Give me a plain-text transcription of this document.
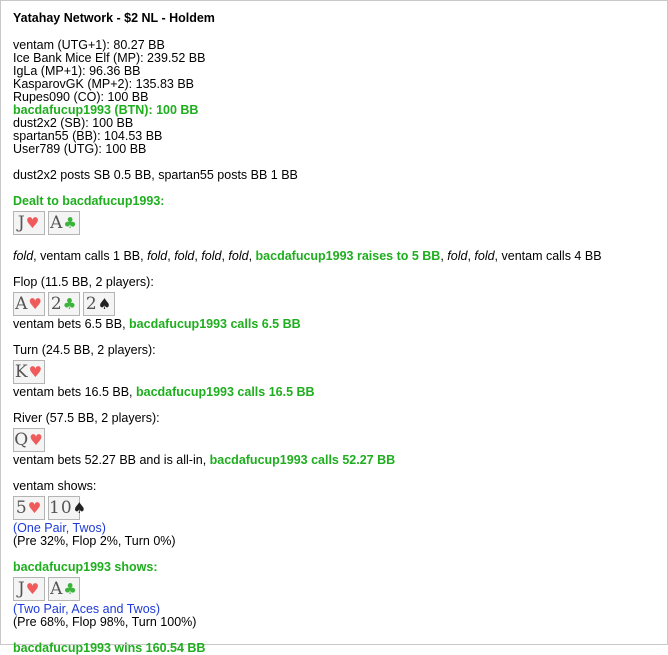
Yatahay Network - $2 NL - Holdem
ventam (UTG+1): 80.27 BB
Ice Bank Mice Elf (MP): 239.52 BB
IgLa (MP+1): 96.36 BB
KasparovGK (MP+2): 135.83 BB
Rupes090 (CO): 100 BB
bacdafucup1993 (BTN): 100 BB
dust2x2 (SB): 100 BB
spartan55 (BB): 104.53 BB
User789 (UTG): 100 BB
dust2x2 posts SB 0.5 BB, spartan55 posts BB 1 BB
Dealt to bacdafucup1993:
J♥ A♣
fold, ventam calls 1 BB, fold, fold, fold, fold, bacdafucup1993 raises to 5 BB, fold, fold, ventam calls 4 BB
Flop (11.5 BB, 2 players):
A♥ 2♣ 2♠
ventam bets 6.5 BB, bacdafucup1993 calls 6.5 BB
Turn (24.5 BB, 2 players):
K♥
ventam bets 16.5 BB, bacdafucup1993 calls 16.5 BB
River (57.5 BB, 2 players):
Q♥
ventam bets 52.27 BB and is all-in, bacdafucup1993 calls 52.27 BB
ventam shows:
5♥ 10♠
(One Pair, Twos)
(Pre 32%, Flop 2%, Turn 0%)
bacdafucup1993 shows:
J♥ A♣
(Two Pair, Aces and Twos)
(Pre 68%, Flop 98%, Turn 100%)
bacdafucup1993 wins 160.54 BB
